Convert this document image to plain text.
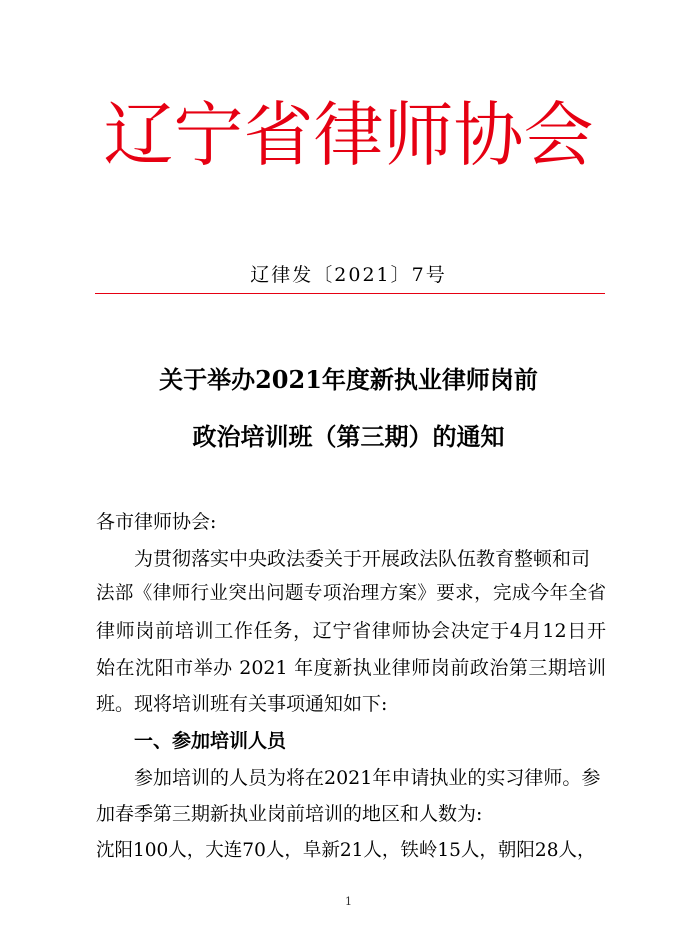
辽宁省律师协会
辽律发〔2021〕7号
关于举办2021年度新执业律师岗前
政治培训班（第三期）的通知
各市律师协会:
为贯彻落实中央政法委关于开展政法队伍教育整顿和司
法部《律师行业突出问题专项治理方案》要求，完成今年全省
律师岗前培训工作任务，辽宁省律师协会决定于4月12日开
始在沈阳市举办 2021 年度新执业律师岗前政治第三期培训
班。现将培训班有关事项通知如下:
一、参加培训人员
参加培训的人员为将在2021年申请执业的实习律师。参
加春季第三期新执业岗前培训的地区和人数为:
沈阳100人，大连70人，阜新21人，铁岭15人，朝阳28人，
1
